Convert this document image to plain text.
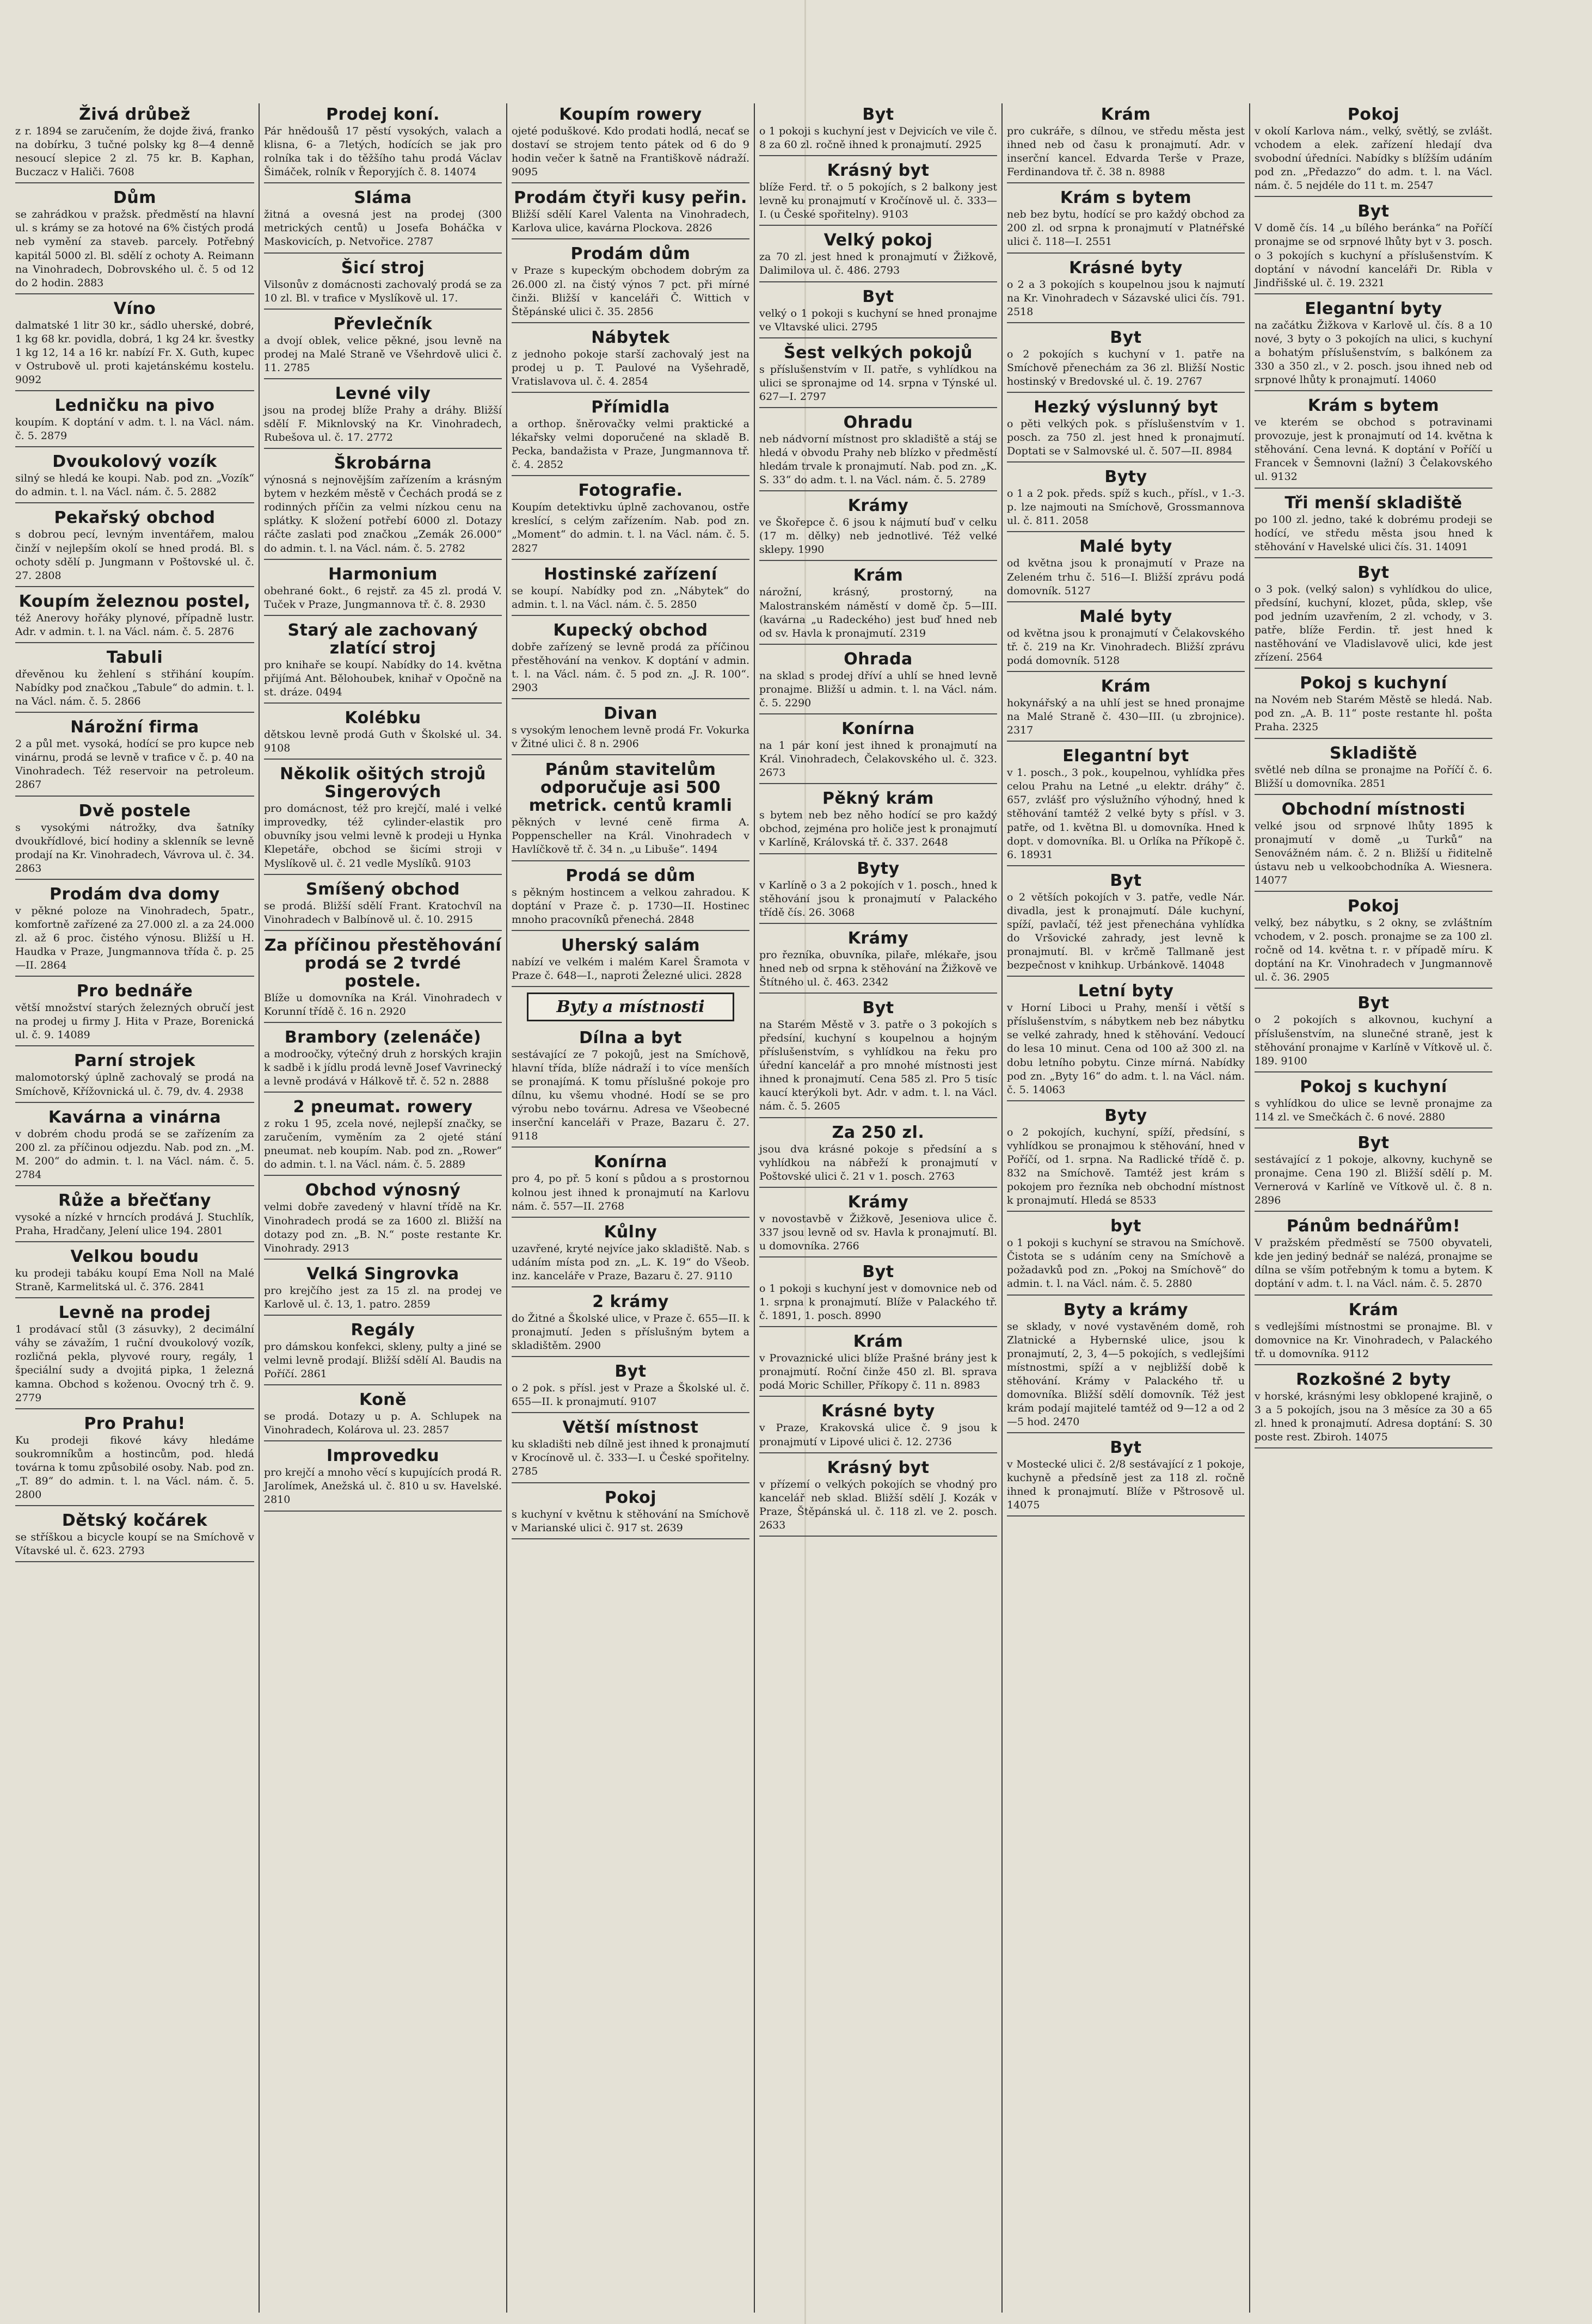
Živá drůbež

z r. 1894 se zaručením, že dojde živá, franko na dobírku, 3 tučné polsky kg 8—4 denně nesoucí slepice 2 zl. 75 kr. B. Kaphan, Buczacz v Haliči. 7608

Dům

se zahrádkou v pražsk. předměstí na hlavní ul. s krámy se za hotové na 6% čistých prodá neb vymění za staveb. parcely. Potřebný kapitál 5000 zl. Bl. sdělí z ochoty A. Reimann na Vinohradech, Dobrovského ul. č. 5 od 12 do 2 hodin. 2883

Víno

dalmatské 1 litr 30 kr., sádlo uherské, dobré, 1 kg 68 kr. povidla, dobrá, 1 kg 24 kr. švestky 1 kg 12, 14 a 16 kr. nabízí Fr. X. Guth, kupec v Ostrubově ul. proti kajetánskému kostelu. 9092

Ledničku na pivo

koupím. K doptání v adm. t. l. na Václ. nám. č. 5. 2879

Dvoukolový vozík

silný se hledá ke koupi. Nab. pod zn. „Vozík“ do admin. t. l. na Václ. nám. č. 5. 2882

Pekařský obchod

s dobrou pecí, levným inventářem, malou činží v nejlepším okolí se hned prodá. Bl. s ochoty sdělí p. Jungmann v Poštovské ul. č. 27. 2808

Koupím železnou postel,

též Anerovy hořáky plynové, případně lustr. Adr. v admin. t. l. na Václ. nám. č. 5. 2876

Tabuli

dřevěnou ku žehlení s střihání koupím. Nabídky pod značkou „Tabule“ do admin. t. l. na Václ. nám. č. 5. 2866

Nárožní firma

2 a půl met. vysoká, hodící se pro kupce neb vinárnu, prodá se levně v trafice v č. p. 40 na Vinohradech. Též reservoir na petroleum. 2867

Dvě postele

s vysokými nátrožky, dva šatníky dvoukřídlové, bicí hodiny a sklenník se levně prodají na Kr. Vinohradech, Vávrova ul. č. 34. 2863

Prodám dva domy

v pěkné poloze na Vinohradech, 5patr., komfortně zařízené za 27.000 zl. a za 24.000 zl. až 6 proc. čistého výnosu. Bližší u H. Haudka v Praze, Jungmannova třída č. p. 25—II. 2864

Pro bednáře

větší množství starých železných obručí jest na prodej u firmy J. Hita v Praze, Borenická ul. č. 9. 14089

Parní strojek

malomotorský úplně zachovalý se prodá na Smíchově, Křížovnická ul. č. 79, dv. 4. 2938

Kavárna a vinárna

v dobrém chodu prodá se se zařízením za 200 zl. za příčinou odjezdu. Nab. pod zn. „M. M. 200“ do admin. t. l. na Václ. nám. č. 5. 2784

Růže a břečťany

vysoké a nízké v hrncích prodává J. Stuchlík, Praha, Hradčany, Jelení ulice 194. 2801

Velkou boudu

ku prodeji tabáku koupí Ema Noll na Malé Straně, Karmelitská ul. č. 376. 2841

Levně na prodej

1 prodávací stůl (3 zásuvky), 2 decimální váhy se závažím, 1 ruční dvoukolový vozík, rozličná pekla, plyvové roury, regály, 1 špeciální sudy a dvojitá pipka, 1 železná kamna. Obchod s koženou. Ovocný trh č. 9. 2779

Pro Prahu!

Ku prodeji fikové kávy hledáme soukromníkům a hostincům, pod. hledá továrna k tomu způsobilé osoby. Nab. pod zn. „T. 89“ do admin. t. l. na Václ. nám. č. 5. 2800

Dětský kočárek

se stříškou a bicycle koupí se na Smíchově v Vítavské ul. č. 623. 2793

Prodej koní.

Pár hnědoušů 17 pěstí vysokých, valach a klisna, 6- a 7letých, hodících se jak pro rolníka tak i do těžšího tahu prodá Václav Šimáček, rolník v Řeporyjích č. 8. 14074

Sláma

žitná a ovesná jest na prodej (300 metrických centů) u Josefa Boháčka v Maskovicích, p. Netvořice. 2787

Šicí stroj

Vilsonův z domácnosti zachovalý prodá se za 10 zl. Bl. v trafice v Myslíkově ul. 17.

Převlečník

a dvojí oblek, velice pěkné, jsou levně na prodej na Malé Straně ve Všehrdově ulici č. 11. 2785

Levné vily

jsou na prodej blíže Prahy a dráhy. Bližší sdělí F. Miknlovský na Kr. Vinohradech, Rubešova ul. č. 17. 2772

Škrobárna

výnosná s nejnovějším zařízením a krásným bytem v hezkém městě v Čechách prodá se z rodinných příčin za velmi nízkou cenu na splátky. K složení potřebí 6000 zl. Dotazy ráčte zaslati pod značkou „Zemák 26.000“ do admin. t. l. na Václ. nám. č. 5. 2782

Harmonium

obehrané 6okt., 6 rejstř. za 45 zl. prodá V. Tuček v Praze, Jungmannova tř. č. 8. 2930

Starý ale zachovaný zlatící stroj

pro knihaře se koupí. Nabídky do 14. května přijímá Ant. Bělohoubek, knihař v Opočně na st. dráze. 0494

Kolébku

dětskou levně prodá Guth v Školské ul. 34. 9108

Několik ošitých strojů Singerových

pro domácnost, též pro krejčí, malé i velké improvedky, též cylinder-elastik pro obuvníky jsou velmi levně k prodeji u Hynka Klepetáře, obchod se šicími stroji v Myslíkově ul. č. 21 vedle Myslíků. 9103

Smíšený obchod

se prodá. Bližší sdělí Frant. Kratochvíl na Vinohradech v Balbínově ul. č. 10. 2915

Za příčinou přestěhování prodá se 2 tvrdé postele.

Blíže u domovníka na Král. Vinohradech v Korunní třídě č. 16 n. 2920

Brambory (zelenáče)

a modroočky, výtečný druh z horských krajin k sadbě i k jídlu prodá levně Josef Vavrinecký a levně prodává v Hálkově tř. č. 52 n. 2888

2 pneumat. rowery

z roku 1 95, zcela nové, nejlepší značky, se zaručením, vyměním za 2 ojeté stání pneumat. neb koupím. Nab. pod zn. „Rower“ do admin. t. l. na Václ. nám. č. 5. 2889

Obchod výnosný

velmi dobře zavedený v hlavní třídě na Kr. Vinohradech prodá se za 1600 zl. Bližší na dotazy pod zn. „B. N.“ poste restante Kr. Vinohrady. 2913

Velká Singrovka

pro krejčího jest za 15 zl. na prodej ve Karlově ul. č. 13, 1. patro. 2859

Regály

pro dámskou konfekci, skleny, pulty a jiné se velmi levně prodají. Bližší sdělí Al. Baudis na Poříčí. 2861

Koně

se prodá. Dotazy u p. A. Schlupek na Vinohradech, Kolárova ul. 23. 2857

Improvedku

pro krejčí a mnoho věcí s kupujících prodá R. Jarolímek, Anežská ul. č. 810 u sv. Havelské. 2810

Koupím rowery

ojeté poduškové. Kdo prodati hodlá, necať se dostaví se strojem tento pátek od 6 do 9 hodin večer k šatně na Františkově nádraží. 9095

Prodám čtyři kusy peřin.

Bližší sdělí Karel Valenta na Vinohradech, Karlova ulice, kavárna Plockova. 2826

Prodám dům

v Praze s kupeckým obchodem dobrým za 26.000 zl. na čistý výnos 7 pct. při mírné činži. Bližší v kanceláři Č. Wittich v Štěpánské ulici č. 35. 2856

Nábytek

z jednoho pokoje starší zachovalý jest na prodej u p. T. Paulové na Vyšehradě, Vratislavova ul. č. 4. 2854

Přímidla

a orthop. šněrovačky velmi praktické a lékařsky velmi doporučené na skladě B. Pecka, bandažista v Praze, Jungmannova tř. č. 4. 2852

Fotografie.

Koupím detektivku úplně zachovanou, ostře kreslící, s celým zařízením. Nab. pod zn. „Moment“ do admin. t. l. na Václ. nám. č. 5. 2827

Hostinské zařízení

se koupí. Nabídky pod zn. „Nábytek“ do admin. t. l. na Václ. nám. č. 5. 2850

Kupecký obchod

dobře zařízený se levně prodá za příčinou přestěhování na venkov. K doptání v admin. t. l. na Václ. nám. č. 5 pod zn. „J. R. 100“. 2903

Divan

s vysokým lenochem levně prodá Fr. Vokurka v Žitné ulici č. 8 n. 2906

Pánům stavitelům odporučuje asi 500 metrick. centů kramli

pěkných v levné ceně firma A. Poppenscheller na Král. Vinohradech v Havlíčkově tř. č. 34 n. „u Libuše“. 1494

Prodá se dům

s pěkným hostincem a velkou zahradou. K doptání v Praze č. p. 1730—II. Hostinec mnoho pracovníků přenechá. 2848

Uherský salám

nabízí ve velkém i malém Karel Šramota v Praze č. 648—I., naproti Železné ulici. 2828

Byty a místnosti
Dílna a byt

sestávající ze 7 pokojů, jest na Smíchově, hlavní třída, blíže nádraží i to více menších se pronajímá. K tomu příslušné pokoje pro dílnu, ku všemu vhodné. Hodí se se pro výrobu nebo továrnu. Adresa ve Všeobecné inserční kanceláři v Praze, Bazaru č. 27. 9118

Konírna

pro 4, po př. 5 koní s půdou a s prostornou kolnou jest ihned k pronajmutí na Karlovu nám. č. 557—II. 2768

Kůlny

uzavřené, kryté nejvíce jako skladiště. Nab. s udáním místa pod zn. „L. K. 19“ do Všeob. inz. kanceláře v Praze, Bazaru č. 27. 9110

2 krámy

do Žitné a Školské ulice, v Praze č. 655—II. k pronajmutí. Jeden s příslušným bytem a skladištěm. 2900

Byt

o 2 pok. s přísl. jest v Praze a Školské ul. č. 655—II. k pronajmutí. 9107

Větší místnost

ku skladišti neb dílně jest ihned k pronajmutí v Krocínově ul. č. 333—I. u České spořitelny. 2785

Pokoj

s kuchyní v květnu k stěhování na Smíchově v Marianské ulici č. 917 st. 2639

Byt

o 1 pokoji s kuchyní jest v Dejvicích ve vile č. 8 za 60 zl. ročně ihned k pronajmutí. 2925

Krásný byt

blíže Ferd. tř. o 5 pokojích, s 2 balkony jest levně ku pronajmutí v Kročínově ul. č. 333—I. (u České spořitelny). 9103

Velký pokoj

za 70 zl. jest hned k pronajmutí v Žižkově, Dalimilova ul. č. 486. 2793

Byt

velký o 1 pokoji s kuchyní se hned pronajme ve Vltavské ulici. 2795

Šest velkých pokojů

s příslušenstvím v II. patře, s vyhlídkou na ulici se spronajme od 14. srpna v Týnské ul. 627—I. 2797

Ohradu

neb nádvorní místnost pro skladiště a stáj se hledá v obvodu Prahy neb blízko v předměstí hledám trvale k pronajmutí. Nab. pod zn. „K. S. 33“ do adm. t. l. na Václ. nám. č. 5. 2789

Krámy

ve Škořepce č. 6 jsou k nájmutí buď v celku (17 m. dělky) neb jednotlivé. Též velké sklepy. 1990

Krám

nárožní, krásný, prostorný, na Malostranském náměstí v domě čp. 5—III. (kavárna „u Radeckého) jest buď hned neb od sv. Havla k pronajmutí. 2319

Ohrada

na sklad s prodej dříví a uhlí se hned levně pronajme. Bližší u admin. t. l. na Václ. nám. č. 5. 2290

Konírna

na 1 pár koní jest ihned k pronajmutí na Král. Vinohradech, Čelakovského ul. č. 323. 2673

Pěkný krám

s bytem neb bez něho hodící se pro každý obchod, zejména pro holiče jest k pronajmutí v Karlíně, Královská tř. č. 337. 2648

Byty

v Karlíně o 3 a 2 pokojích v 1. posch., hned k stěhování jsou k pronajmutí v Palackého třídě čís. 26. 3068

Krámy

pro řezníka, obuvníka, pilaře, mlékaře, jsou hned neb od srpna k stěhování na Žižkově ve Štítného ul. č. 463. 2342

Byt

na Starém Městě v 3. patře o 3 pokojích s předsíní, kuchyní s koupelnou a hojným příslušenstvím, s vyhlídkou na řeku pro úřední kancelář a pro mnohé místnosti jest ihned k pronajmutí. Cena 585 zl. Pro 5 tisíc kaucí kterýkoli byt. Adr. v adm. t. l. na Václ. nám. č. 5. 2605

Za 250 zl.

jsou dva krásné pokoje s předsíní a s vyhlídkou na nábřeží k pronajmutí v Poštovské ulici č. 21 v 1. posch. 2763

Krámy

v novostavbě v Žižkově, Jeseniova ulice č. 337 jsou levně od sv. Havla k pronajmutí. Bl. u domovníka. 2766

Byt

o 1 pokoji s kuchyní jest v domovnice neb od 1. srpna k pronajmutí. Blíže v Palackého tř. č. 1891, 1. posch. 8990

Krám

v Provaznické ulici blíže Prašné brány jest k pronajmutí. Roční činže 450 zl. Bl. sprava podá Moric Schiller, Příkopy č. 11 n. 8983

Krásné byty

v Praze, Krakovská ulice č. 9 jsou k pronajmutí v Lipové ulici č. 12. 2736

Krásný byt

v přízemí o velkých pokojích se vhodný pro kancelář neb sklad. Bližší sdělí J. Kozák v Praze, Štěpánská ul. č. 118 zl. ve 2. posch. 2633

Krám

pro cukráře, s dílnou, ve středu města jest ihned neb od času k pronajmutí. Adr. v inserční kancel. Edvarda Terše v Praze, Ferdinandova tř. č. 38 n. 8988

Krám s bytem

neb bez bytu, hodící se pro každý obchod za 200 zl. od srpna k pronajmutí v Platnéřské ulici č. 118—I. 2551

Krásné byty

o 2 a 3 pokojích s koupelnou jsou k najmutí na Kr. Vinohradech v Sázavské ulici čís. 791. 2518

Byt

o 2 pokojích s kuchyní v 1. patře na Smíchově přenechám za 36 zl. Bližší Nostic hostinský v Bredovské ul. č. 19. 2767

Hezký výslunný byt

o pěti velkých pok. s příslušenstvím v 1. posch. za 750 zl. jest hned k pronajmutí. Doptati se v Salmovské ul. č. 507—II. 8984

Byty

o 1 a 2 pok. předs. spíž s kuch., přísl., v 1.-3. p. lze najmouti na Smíchově, Grossmannova ul. č. 811. 2058

Malé byty

od května jsou k pronajmutí v Praze na Zeleném trhu č. 516—I. Bližší zprávu podá domovník. 5127

Malé byty

od května jsou k pronajmutí v Čelakovského tř. č. 219 na Kr. Vinohradech. Bližší zprávu podá domovník. 5128

Krám

hokynářský a na uhlí jest se hned pronajme na Malé Straně č. 430—III. (u zbrojnice). 2317

Elegantní byt

v 1. posch., 3 pok., koupelnou, vyhlídka přes celou Prahu na Letné „u elektr. dráhy“ č. 657, zvlášť pro výslužního výhodný, hned k stěhování tamtéž 2 velké byty s přísl. v 3. patře, od 1. května Bl. u domovníka. Hned k dopt. v domovníka. Bl. u Orlíka na Příkopě č. 6. 18931

Byt

o 2 větších pokojích v 3. patře, vedle Nár. divadla, jest k pronajmutí. Dále kuchyní, spíží, pavlačí, též jest přenechána vyhlídka do Vršovické zahrady, jest levně k pronajmutí. Bl. v krčmě Tallmaně jest bezpečnost v knihkup. Urbánkově. 14048

Letní byty

v Horní Liboci u Prahy, menší i větší s příslušenstvím, s nábytkem neb bez nábytku se velké zahrady, hned k stěhování. Vedoucí do lesa 10 minut. Cena od 100 až 300 zl. na dobu letního pobytu. Cinze mírná. Nabídky pod zn. „Byty 16“ do adm. t. l. na Václ. nám. č. 5. 14063

Byty

o 2 pokojích, kuchyní, spíží, předsíní, s vyhlídkou se pronajmou k stěhování, hned v Poříčí, od 1. srpna. Na Radlické třídě č. p. 832 na Smíchově. Tamtéž jest krám s pokojem pro řezníka neb obchodní místnost k pronajmutí. Hledá se 8533

byt

o 1 pokoji s kuchyní se stravou na Smíchově. Čistota se s udáním ceny na Smíchově a požadavků pod zn. „Pokoj na Smíchově“ do admin. t. l. na Václ. nám. č. 5. 2880

Byty a krámy

se sklady, v nové vystavěném domě, roh Zlatnické a Hybernské ulice, jsou k pronajmutí, 2, 3, 4—5 pokojích, s vedlejšími místnostmi, spíží a v nejbližší době k stěhování. Krámy v Palackého tř. u domovníka. Bližší sdělí domovník. Též jest krám podají majitelé tamtéž od 9—12 a od 2—5 hod. 2470

Byt

v Mostecké ulici č. 2/8 sestávající z 1 pokoje, kuchyně a předsíně jest za 118 zl. ročně ihned k pronajmutí. Blíže v Pštrosově ul. 14075

Pokoj

v okolí Karlova nám., velký, světlý, se zvlášt. vchodem a elek. zařízení hledají dva svobodní úředníci. Nabídky s blížším udáním pod zn. „Předazzo“ do adm. t. l. na Václ. nám. č. 5 nejdéle do 11 t. m. 2547

Byt

V domě čís. 14 „u bílého beránka“ na Poříčí pronajme se od srpnové lhůty byt v 3. posch. o 3 pokojích s kuchyní a příslušenstvím. K doptání v návodní kanceláři Dr. Ribla v Jindřišské ul. č. 19. 2321

Elegantní byty

na začátku Žižkova v Karlově ul. čís. 8 a 10 nové, 3 byty o 3 pokojích na ulici, s kuchyní a bohatým příslušenstvím, s balkónem za 330 a 350 zl., v 2. posch. jsou ihned neb od srpnové lhůty k pronajmutí. 14060

Krám s bytem

ve kterém se obchod s potravinami provozuje, jest k pronajmutí od 14. května k stěhování. Cena levná. K doptání v Poříčí u Francek v Šemnovni (lažní) 3 Čelakovského ul. 9132

Tři menší skladiště

po 100 zl. jedno, také k dobrému prodeji se hodící, ve středu města jsou hned k stěhování v Havelské ulici čís. 31. 14091

Byt

o 3 pok. (velký salon) s vyhlídkou do ulice, předsíní, kuchyní, klozet, půda, sklep, vše pod jedním uzavřením, 2 zl. vchody, v 3. patře, blíže Ferdin. tř. jest hned k nastěhování ve Vladislavově ulici, kde jest zřízení. 2564

Pokoj s kuchyní

na Novém neb Starém Městě se hledá. Nab. pod zn. „A. B. 11“ poste restante hl. pošta Praha. 2325

Skladiště

světlé neb dílna se pronajme na Poříčí č. 6. Bližší u domovníka. 2851

Obchodní místnosti

velké jsou od srpnové lhůty 1895 k pronajmutí v domě „u Turků“ na Senovážném nám. č. 2 n. Bližší u řiditelně ústavu neb u velkoobchodníka A. Wiesnera. 14077

Pokoj

velký, bez nábytku, s 2 okny, se zvláštním vchodem, v 2. posch. pronajme se za 100 zl. ročně od 14. května t. r. v případě míru. K doptání na Kr. Vinohradech v Jungmannově ul. č. 36. 2905

Byt

o 2 pokojích s alkovnou, kuchyní a příslušenstvím, na slunečné straně, jest k stěhování pronajme v Karlíně v Vítkově ul. č. 189. 9100

Pokoj s kuchyní

s vyhlídkou do ulice se levně pronajme za 114 zl. ve Smečkách č. 6 nové. 2880

Byt

sestávající z 1 pokoje, alkovny, kuchyně se pronajme. Cena 190 zl. Bližší sdělí p. M. Vernerová v Karlíně ve Vítkově ul. č. 8 n. 2896

Pánům bednářům!

V pražském předměstí se 7500 obyvateli, kde jen jediný bednář se nalézá, pronajme se dílna se vším potřebným k tomu a bytem. K doptání v adm. t. l. na Václ. nám. č. 5. 2870

Krám

s vedlejšími místnostmi se pronajme. Bl. v domovnice na Kr. Vinohradech, v Palackého tř. u domovníka. 9112

Rozkošné 2 byty

v horské, krásnými lesy obklopené krajině, o 3 a 5 pokojích, jsou na 3 měsíce za 30 a 65 zl. hned k pronajmutí. Adresa doptání: S. 30 poste rest. Zbiroh. 14075
